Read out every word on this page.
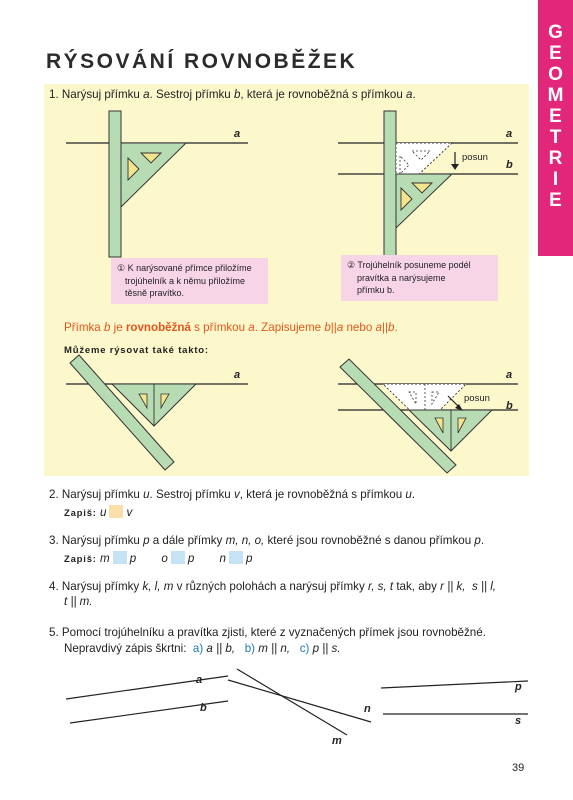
G
E
O
M
E
T
R
I
E
RÝSOVÁNÍ ROVNOBĚŽEK
1. Narýsuj přímku a. Sestroj přímku b, která je rovnoběžná s přímkou a.
a	a
b
posun
a	a
b
posun
① K narýsované přímce přiložíme
trojúhelník a k němu přiložíme
těsně pravítko.
② Trojúhelník posuneme podél
pravítka a narýsujeme
přímku b.
Přímka b je rovnoběžná s přímkou a. Zapisujeme b||a nebo a||b.
Můžeme rýsovat také takto:
2. Narýsuj přímku u. Sestroj přímku v, která je rovnoběžná s přímkou u.
Zapiš: u v
3. Narýsuj přímku p a dále přímky m, n, o, které jsou rovnoběžné s danou přímkou p.
Zapiš: m p o p n p
4. Narýsuj přímky k, l, m v různých polohách a narýsuj přímky r, s, t tak, aby r || k, s || l,
t || m.
5. Pomocí trojúhelníku a pravítka zjisti, které z vyznačených přímek jsou rovnoběžné.
Nepravdivý zápis škrtni: a) a || b, b) m || n, c) p || s.
a
b	n
m
p
s
39
